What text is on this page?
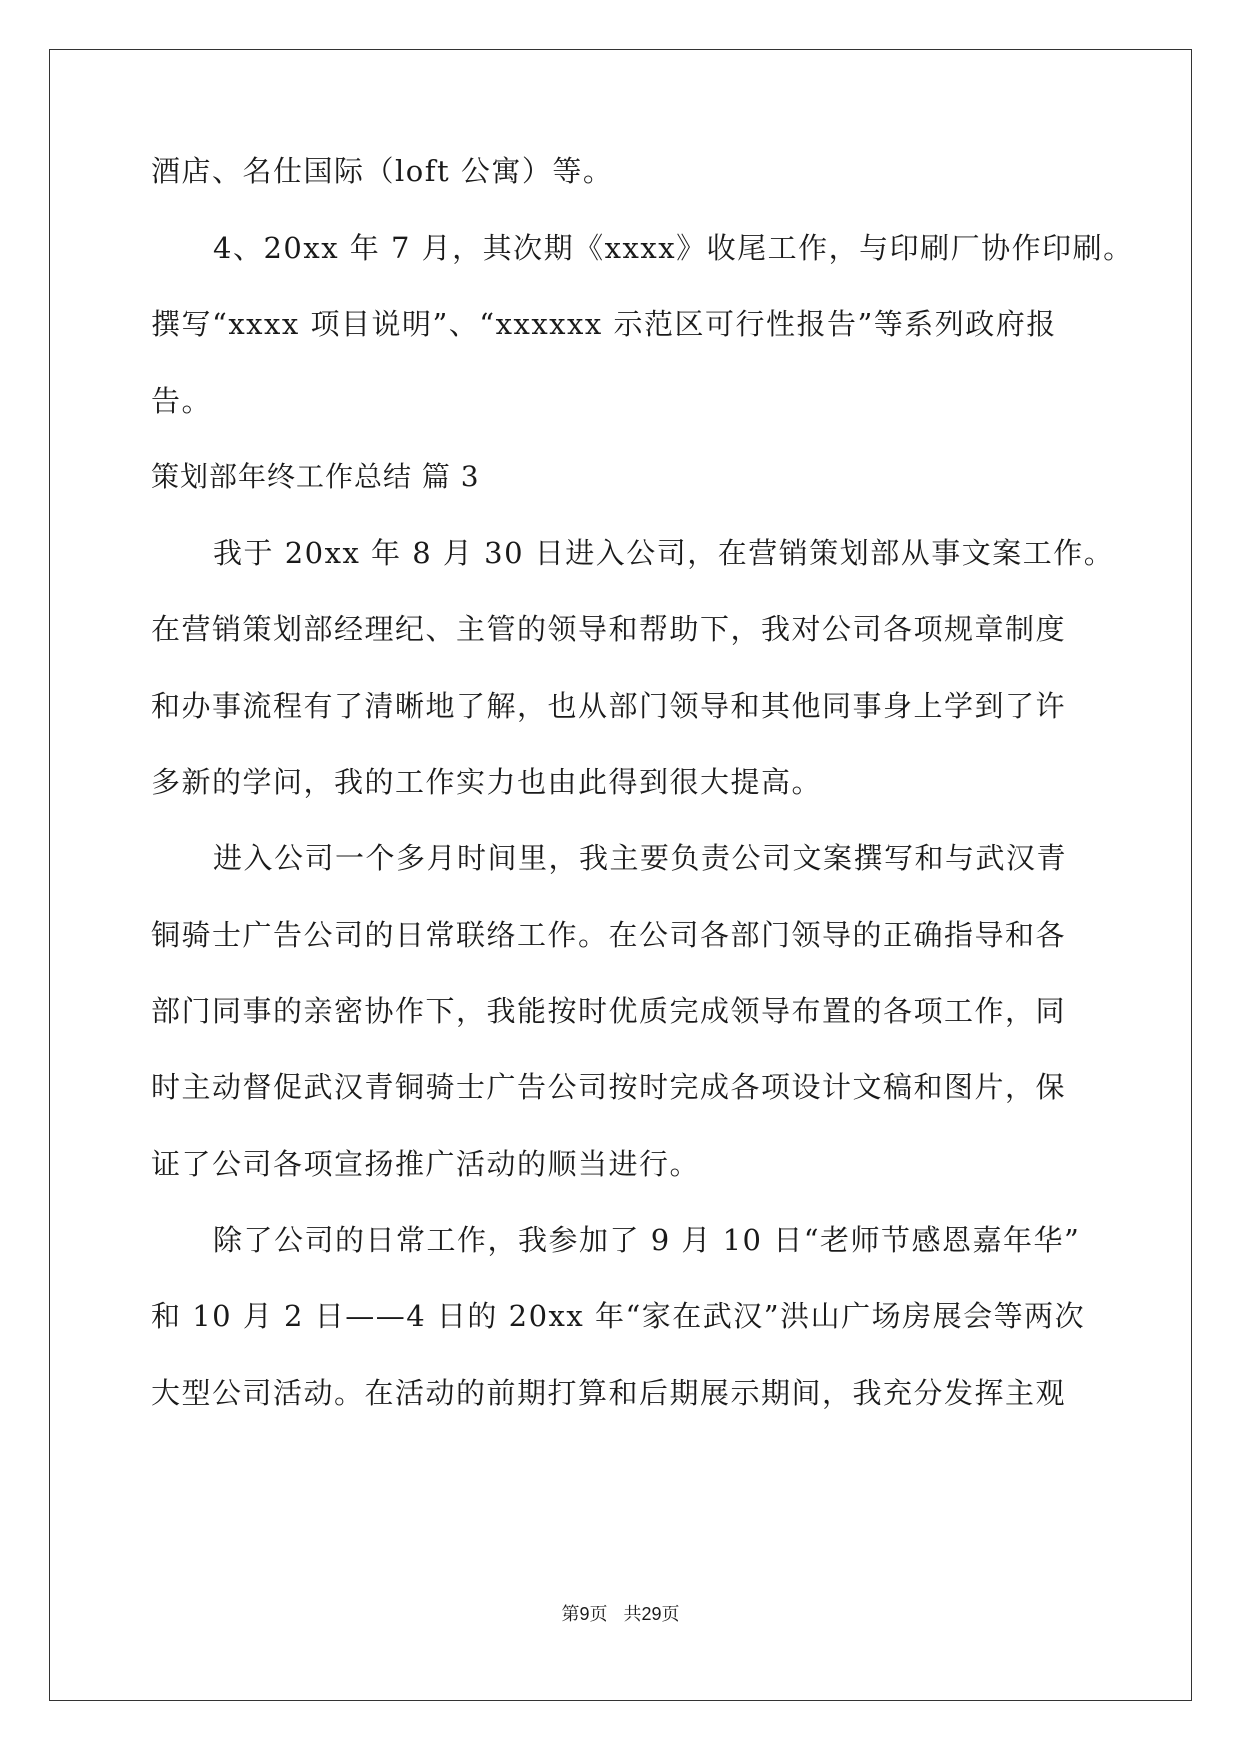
酒店、名仕国际（loft 公寓）等。
4、20xx 年 7 月，其次期《xxxx》收尾工作，与印刷厂协作印刷。
撰写“xxxx 项目说明”、“xxxxxx 示范区可行性报告”等系列政府报
告。
策划部年终工作总结 篇 3
我于 20xx 年 8 月 30 日进入公司，在营销策划部从事文案工作。
在营销策划部经理纪、主管的领导和帮助下，我对公司各项规章制度
和办事流程有了清晰地了解，也从部门领导和其他同事身上学到了许
多新的学问，我的工作实力也由此得到很大提高。
进入公司一个多月时间里，我主要负责公司文案撰写和与武汉青
铜骑士广告公司的日常联络工作。在公司各部门领导的正确指导和各
部门同事的亲密协作下，我能按时优质完成领导布置的各项工作，同
时主动督促武汉青铜骑士广告公司按时完成各项设计文稿和图片，保
证了公司各项宣扬推广活动的顺当进行。
除了公司的日常工作，我参加了 9 月 10 日“老师节感恩嘉年华”
和 10 月 2 日——4 日的 20xx 年“家在武汉”洪山广场房展会等两次
大型公司活动。在活动的前期打算和后期展示期间，我充分发挥主观
第9页 共29页
